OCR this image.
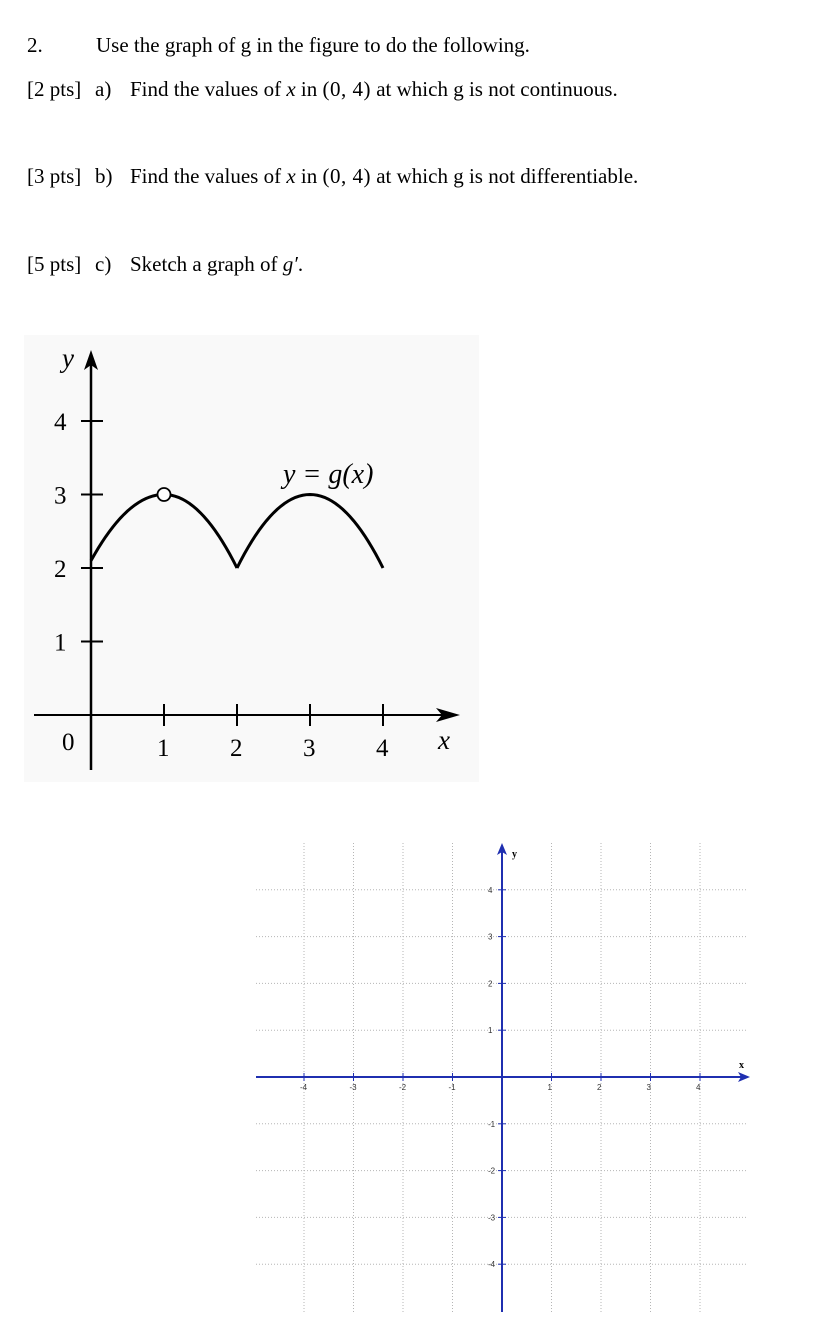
2.	Use the graph of g in the figure to do the following.
[2 pts] a) Find the values of x in (0, 4) at which g is not continuous.
[3 pts] b) Find the values of x in (0, 4) at which g is not differentiable.
[5 pts] c) Sketch a graph of g′.
4
3
2
1
1 2 3 4
y
x
0
y = g(x)
-4	-3	-2	-1	1	2	3	4
4
3
2
1
-1
-2
-3
-4
y
x
